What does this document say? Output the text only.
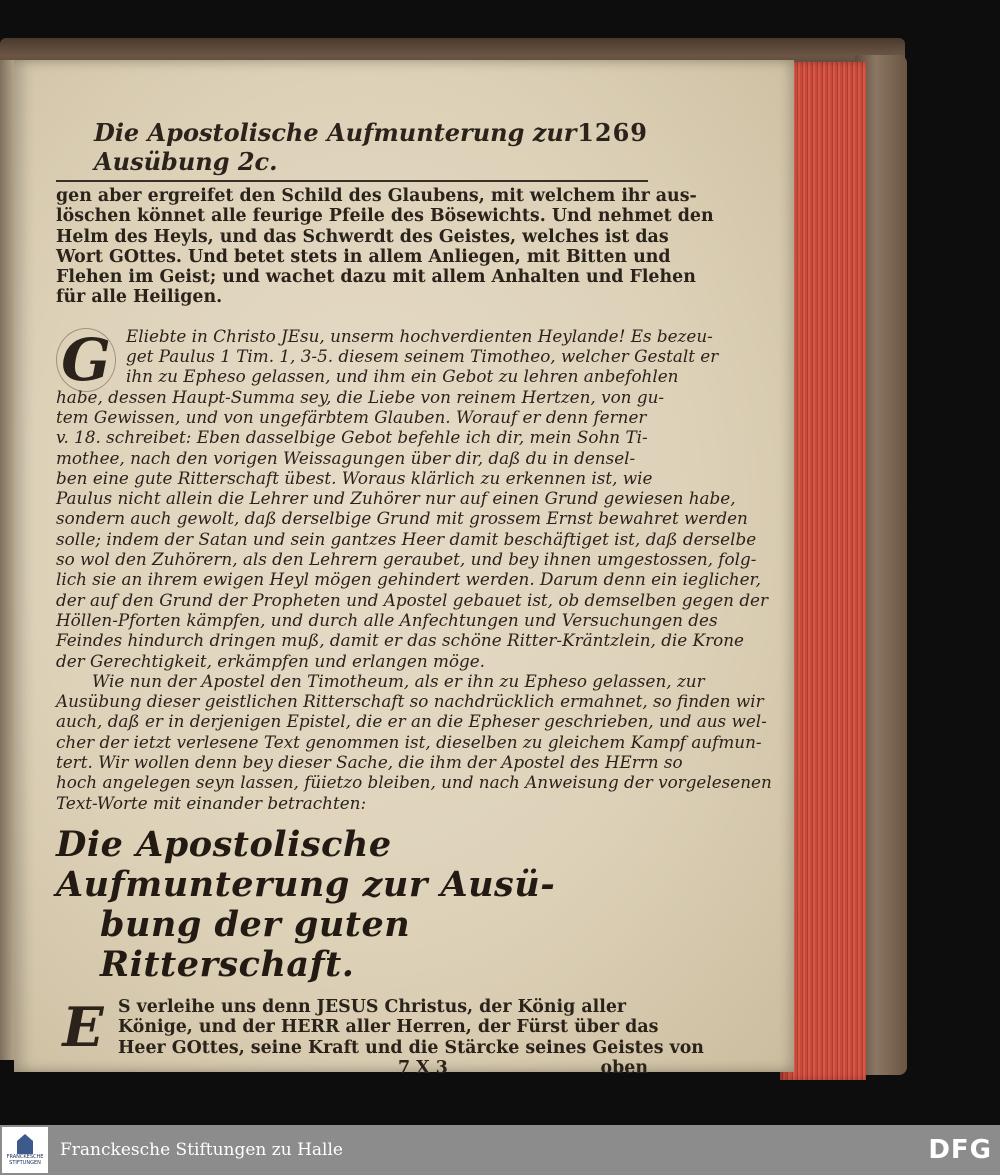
Die Apostolische Aufmunterung zur Ausübung 2c.
1269
gen aber ergreifet den Schild des Glaubens, mit welchem ihr aus-
löschen könnet alle feurige Pfeile des Bösewichts. Und nehmet den
Helm des Heyls, und das Schwerdt des Geistes, welches ist das
Wort GOttes. Und betet stets in allem Anliegen, mit Bitten und
Flehen im Geist; und wachet dazu mit allem Anhalten und Flehen
für alle Heiligen.
G Eliebte in Christo JEsu, unserm hochverdienten Heylande! Es bezeu-
get Paulus 1 Tim. 1, 3-5. diesem seinem Timotheo, welcher Gestalt er
ihn zu Epheso gelassen, und ihm ein Gebot zu lehren anbefohlen
habe, dessen Haupt-Summa sey, die Liebe von reinem Hertzen, von gu-
tem Gewissen, und von ungefärbtem Glauben. Worauf er denn ferner
v. 18. schreibet: Eben dasselbige Gebot befehle ich dir, mein Sohn Ti-
mothee, nach den vorigen Weissagungen über dir, daß du in densel-
ben eine gute Ritterschaft übest. Woraus klärlich zu erkennen ist, wie
Paulus nicht allein die Lehrer und Zuhörer nur auf einen Grund gewiesen habe,
sondern auch gewolt, daß derselbige Grund mit grossem Ernst bewahret werden
solle; indem der Satan und sein gantzes Heer damit beschäftiget ist, daß derselbe
so wol den Zuhörern, als den Lehrern geraubet, und bey ihnen umgestossen, folg-
lich sie an ihrem ewigen Heyl mögen gehindert werden. Darum denn ein ieglicher,
der auf den Grund der Propheten und Apostel gebauet ist, ob demselben gegen der
Höllen-Pforten kämpfen, und durch alle Anfechtungen und Versuchungen des
Feindes hindurch dringen muß, damit er das schöne Ritter-Kräntzlein, die Krone
der Gerechtigkeit, erkämpfen und erlangen möge.
Wie nun der Apostel den Timotheum, als er ihn zu Epheso gelassen, zur
Ausübung dieser geistlichen Ritterschaft so nachdrücklich ermahnet, so finden wir
auch, daß er in derjenigen Epistel, die er an die Epheser geschrieben, und aus wel-
cher der ietzt verlesene Text genommen ist, dieselben zu gleichem Kampf aufmun-
tert. Wir wollen denn bey dieser Sache, die ihm der Apostel des HErrn so
hoch angelegen seyn lassen, füietzo bleiben, und nach Anweisung der vorgelesenen
Text-Worte mit einander betrachten:
Die Apostolische Aufmunterung zur Ausü-
bung der guten Ritterschaft.
E S verleihe uns denn JESUS Christus, der König aller
Könige, und der HERR aller Herren, der Fürst über das
Heer GOttes, seine Kraft und die Stärcke seines Geistes von
7 X 3	oben
FRANCKESCHE STIFTUNGEN
Franckesche Stiftungen zu Halle	DFG
